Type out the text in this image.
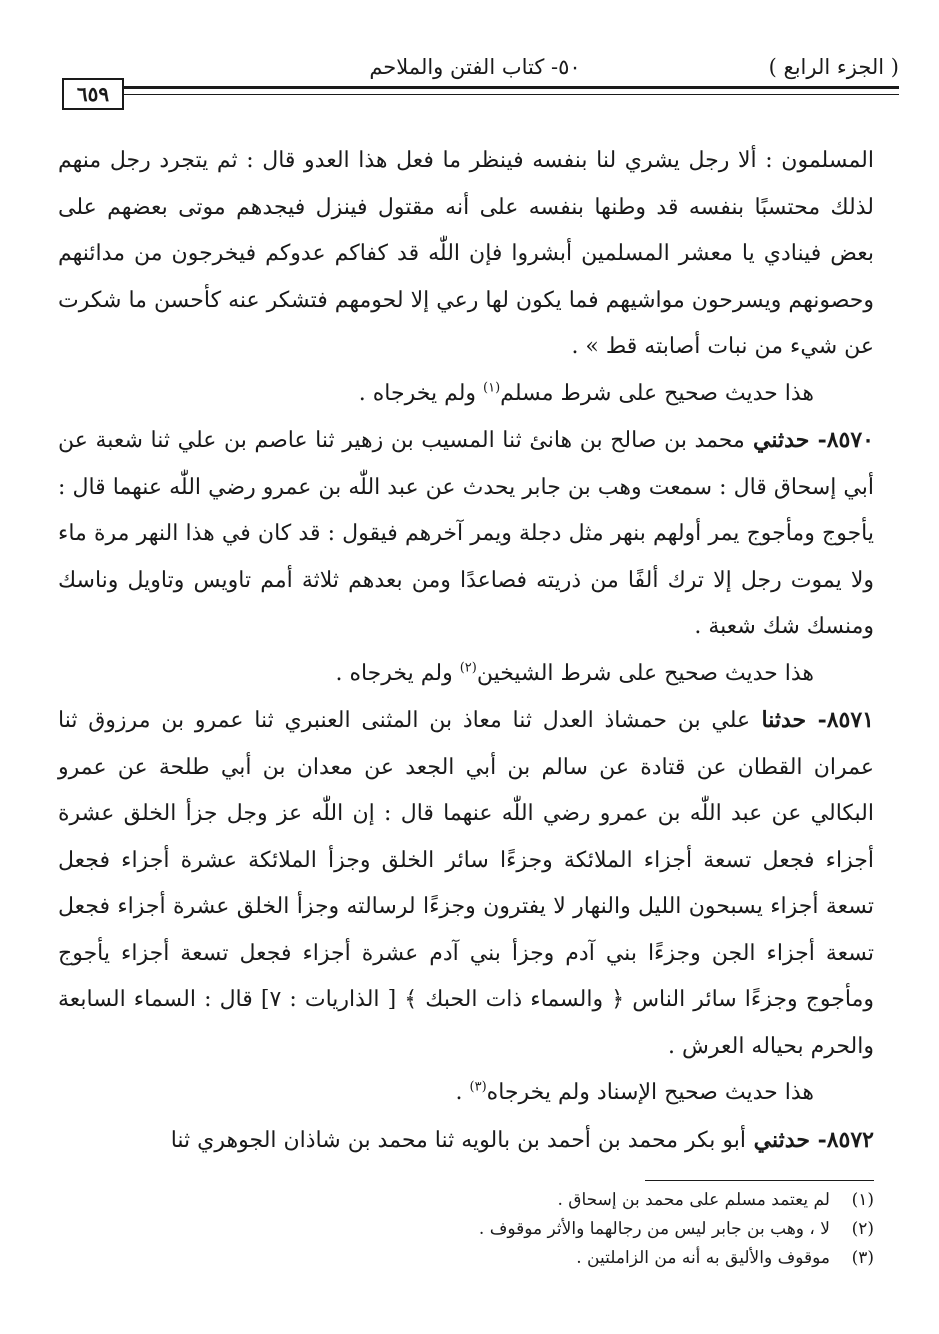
( الجزء الرابع )
٥٠- كتاب الفتن والملاحم
٦٥٩

المسلمون : ألا رجل يشري لنا بنفسه فينظر ما فعل هذا العدو قال : ثم يتجرد رجل منهم لذلك محتسبًا بنفسه قد وطنها بنفسه على أنه مقتول فينزل فيجدهم موتى بعضهم على بعض فينادي يا معشر المسلمين أبشروا فإن اللّٰه قد كفاكم عدوكم فيخرجون من مدائنهم وحصونهم ويسرحون مواشيهم فما يكون لها رعي إلا لحومهم فتشكر عنه كأحسن ما شكرت عن شيء من نبات أصابته قط » .

هذا حديث صحيح على شرط مسلم$^{(١)}$ ولم يخرجاه .

٨٥٧٠- حدثني محمد بن صالح بن هانئ ثنا المسيب بن زهير ثنا عاصم بن علي ثنا شعبة عن أبي إسحاق قال : سمعت وهب بن جابر يحدث عن عبد اللّٰه بن عمرو رضي اللّٰه عنهما قال : يأجوج ومأجوج يمر أولهم بنهر مثل دجلة ويمر آخرهم فيقول : قد كان في هذا النهر مرة ماء ولا يموت رجل إلا ترك ألفًا من ذريته فصاعدًا ومن بعدهم ثلاثة أمم تاويس وتاويل وناسك ومنسك شك شعبة .

هذا حديث صحيح على شرط الشيخين$^{(٢)}$ ولم يخرجاه .

٨٥٧١- حدثنا علي بن حمشاذ العدل ثنا معاذ بن المثنى العنبري ثنا عمرو بن مرزوق ثنا عمران القطان عن قتادة عن سالم بن أبي الجعد عن معدان بن أبي طلحة عن عمرو البكالي عن عبد اللّٰه بن عمرو رضي اللّٰه عنهما قال : إن اللّٰه عز وجل جزأ الخلق عشرة أجزاء فجعل تسعة أجزاء الملائكة وجزءًا سائر الخلق وجزأ الملائكة عشرة أجزاء فجعل تسعة أجزاء يسبحون الليل والنهار لا يفترون وجزءًا لرسالته وجزأ الخلق عشرة أجزاء فجعل تسعة أجزاء الجن وجزءًا بني آدم وجزأ بني آدم عشرة أجزاء فجعل تسعة أجزاء يأجوج ومأجوج وجزءًا سائر الناس ﴿ والسماء ذات الحبك ﴾ [ الذاريات : ٧] قال : السماء السابعة والحرم بحياله العرش .

هذا حديث صحيح الإسناد ولم يخرجاه$^{(٣)}$ .

٨٥٧٢- حدثني أبو بكر محمد بن أحمد بن بالويه ثنا محمد بن شاذان الجوهري ثنا

(١)
لم يعتمد مسلم على محمد بن إسحاق .
(٢)
لا ، وهب بن جابر ليس من رجالهما والأثر موقوف .
(٣)
موقوف والأليق به أنه من الزاملتين .
